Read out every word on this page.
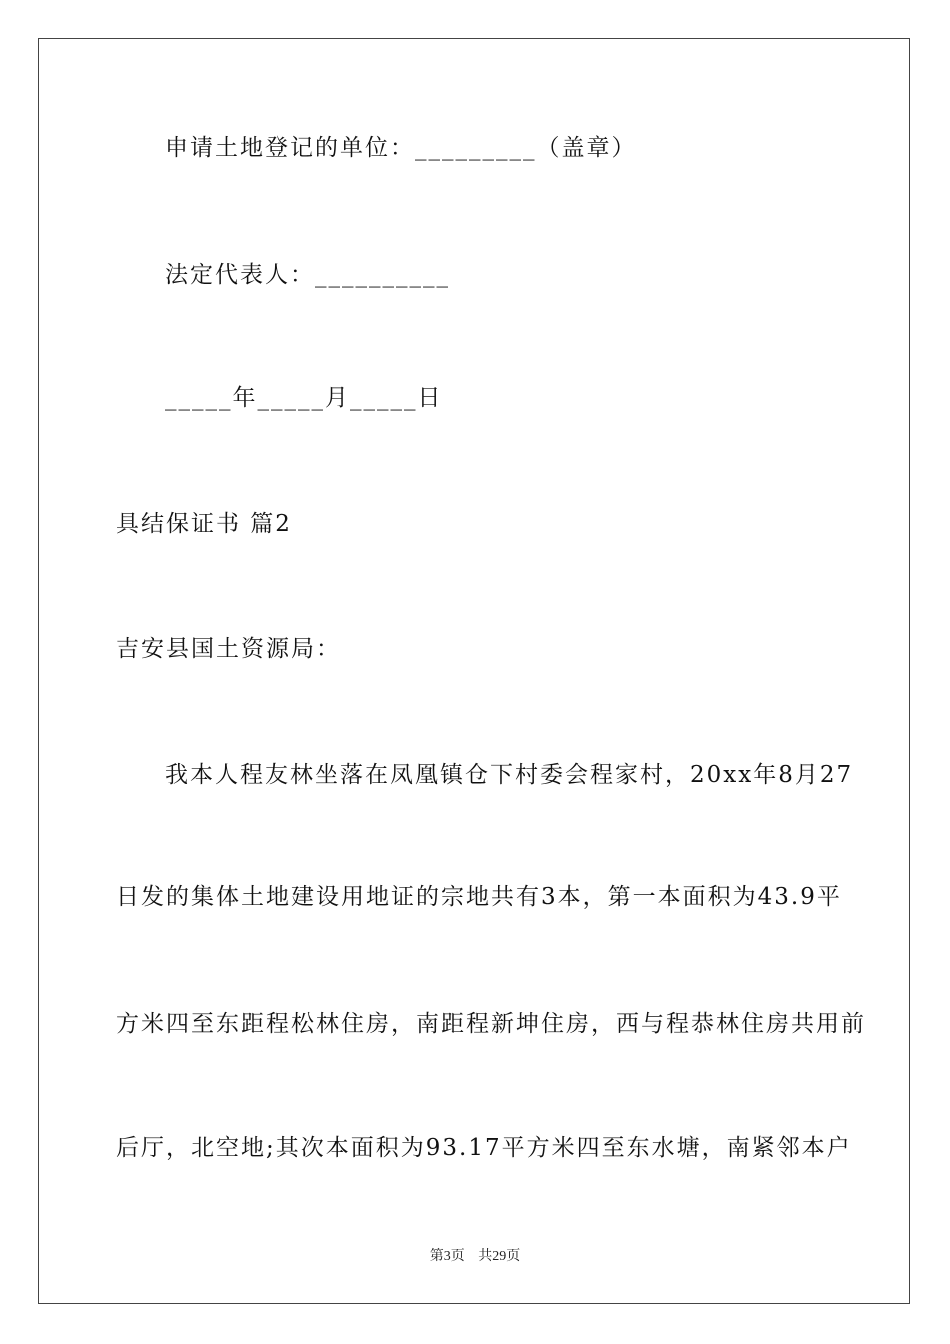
申请土地登记的单位：_________（盖章）
法定代表人：__________
_____年_____月_____日
具结保证书 篇2
吉安县国土资源局：
我本人程友林坐落在凤凰镇仓下村委会程家村，20xx年8月27
日发的集体土地建设用地证的宗地共有3本，第一本面积为43.9平
方米四至东距程松林住房，南距程新坤住房，西与程恭林住房共用前
后厅，北空地;其次本面积为93.17平方米四至东水塘，南紧邻本户
第3页 共29页
